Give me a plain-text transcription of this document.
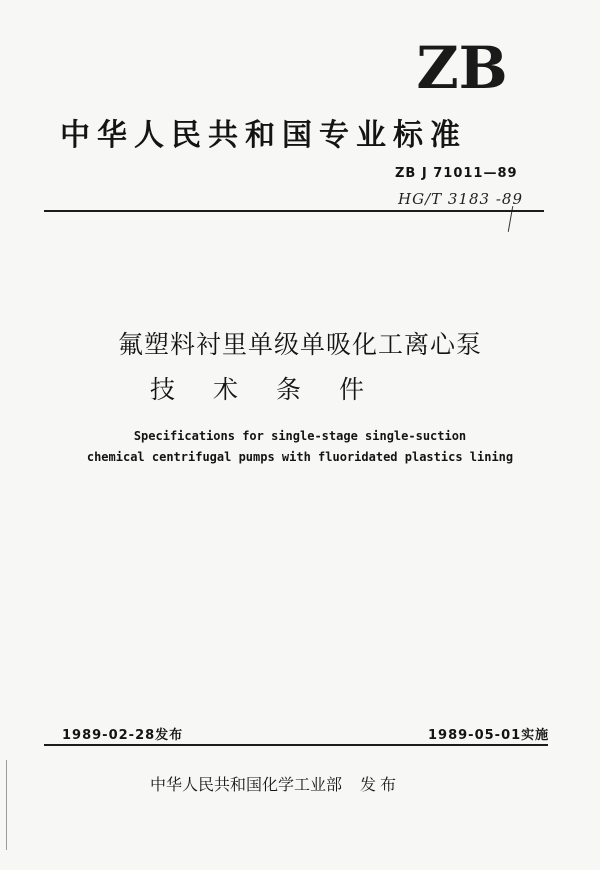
ZB
中华人民共和国专业标准
ZB J 71011—89
HG/T 3183 -89
氟塑料衬里单级单吸化工离心泵
技术条件
Specifications for single-stage single-suction
chemical centrifugal pumps with fluoridated plastics lining
1989-02-28发布	1989-05-01实施
中华人民共和国化学工业部 发布
